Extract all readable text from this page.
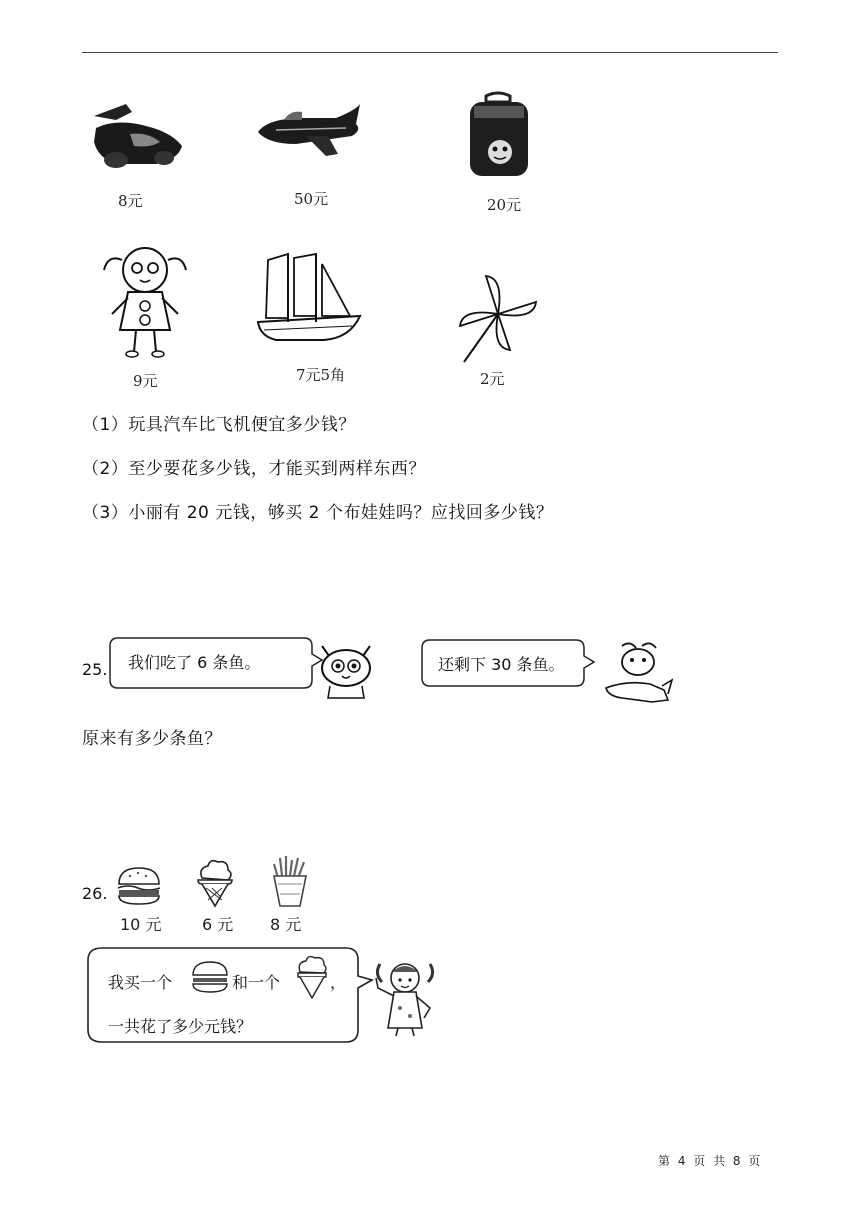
8元	50元	20元
9元	7元5角	2元
（1）玩具汽车比飞机便宜多少钱？
（2）至少要花多少钱，才能买到两样东西？
（3）小丽有 20 元钱，够买 2 个布娃娃吗？应找回多少钱？
25. 我们吃了 6 条鱼。	还剩下 30 条鱼。
原来有多少条鱼？
26.
10 元	6 元 8 元
我买一个	和一个	，
一共花了多少元钱？
第 4 页 共 8 页
